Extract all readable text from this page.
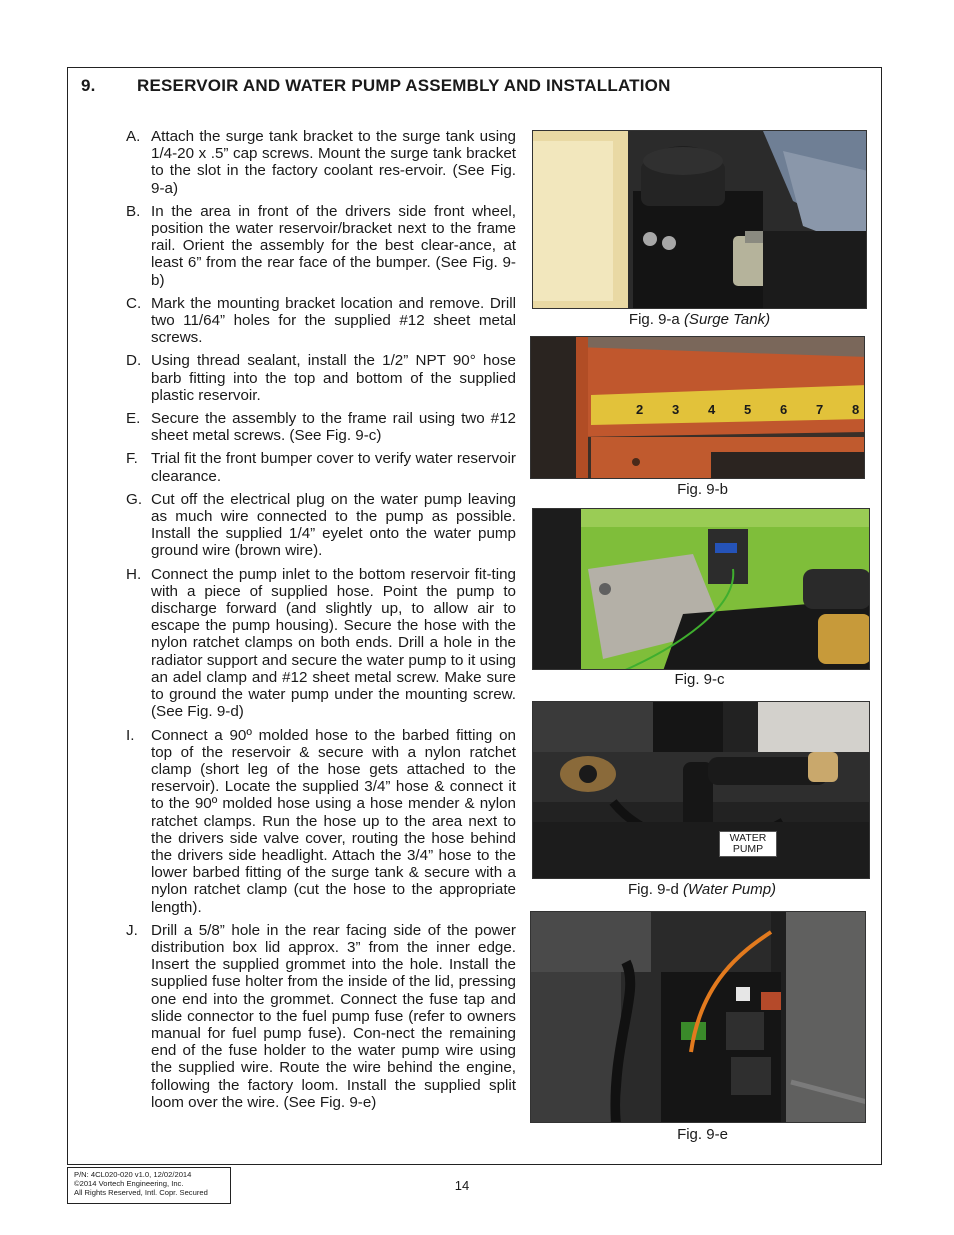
9. RESERVOIR AND WATER PUMP ASSEMBLY AND INSTALLATION
A. Attach the surge tank bracket to the surge tank using 1/4-20 x .5” cap screws. Mount the surge tank bracket to the slot in the factory coolant res-ervoir. (See Fig. 9-a)
B. In the area in front of the drivers side front wheel, position the water reservoir/bracket next to the frame rail. Orient the assembly for the best clear-ance, at least 6” from the rear face of the bumper. (See Fig. 9-b)
C. Mark the mounting bracket location and remove. Drill two 11/64” holes for the supplied #12 sheet metal screws.
D. Using thread sealant, install the 1/2” NPT 90° hose barb fitting into the top and bottom of the supplied plastic reservoir.
E. Secure the assembly to the frame rail using two #12 sheet metal screws. (See Fig. 9-c)
F. Trial fit the front bumper cover to verify water reservoir clearance.
G. Cut off the electrical plug on the water pump leaving as much wire connected to the pump as possible. Install the supplied 1/4” eyelet onto the water pump ground wire (brown wire).
H. Connect the pump inlet to the bottom reservoir fit-ting with a piece of supplied hose. Point the pump to discharge forward (and slightly up, to allow air to escape the pump housing). Secure the hose with the nylon ratchet clamps on both ends. Drill a hole in the radiator support and secure the water pump to it using an adel clamp and #12 sheet metal screw. Make sure to ground the water pump under the mounting screw. (See Fig. 9-d)
I.	Connect a 90º molded hose to the barbed fitting on top of the reservoir & secure with a nylon ratchet clamp (short leg of the hose gets attached to the reservoir). Locate the supplied 3/4” hose & connect it to the 90º molded hose using a hose mender & nylon ratchet clamps. Run the hose up to the area next to the drivers side valve cover, routing the hose behind the drivers side headlight. Attach the 3/4” hose to the lower barbed fitting of the surge tank & secure with a nylon ratchet clamp (cut the hose to the appropriate length).
J. Drill a 5/8” hole in the rear facing side of the power distribution box lid approx. 3” from the inner edge. Insert the supplied grommet into the hole. Install the supplied fuse holter from the inside of the lid, pressing one end into the grommet. Connect the fuse tap and slide connector to the fuel pump fuse (refer to owners manual for fuel pump fuse). Con-nect the remaining end of the fuse holder to the water pump wire using the supplied wire. Route the wire behind the engine, following the factory loom. Install the supplied split loom over the wire. (See Fig. 9-e)
Fig. 9-a (Surge Tank)
2 3 4 5 6 7 8
Fig. 9-b
Fig. 9-c
WATER
PUMP
Fig. 9-d (Water Pump)
Fig. 9-e
P/N: 4CL020-020 v1.0, 12/02/2014
©2014 Vortech Engineering, Inc.
All Rights Reserved, Intl. Copr. Secured	14
